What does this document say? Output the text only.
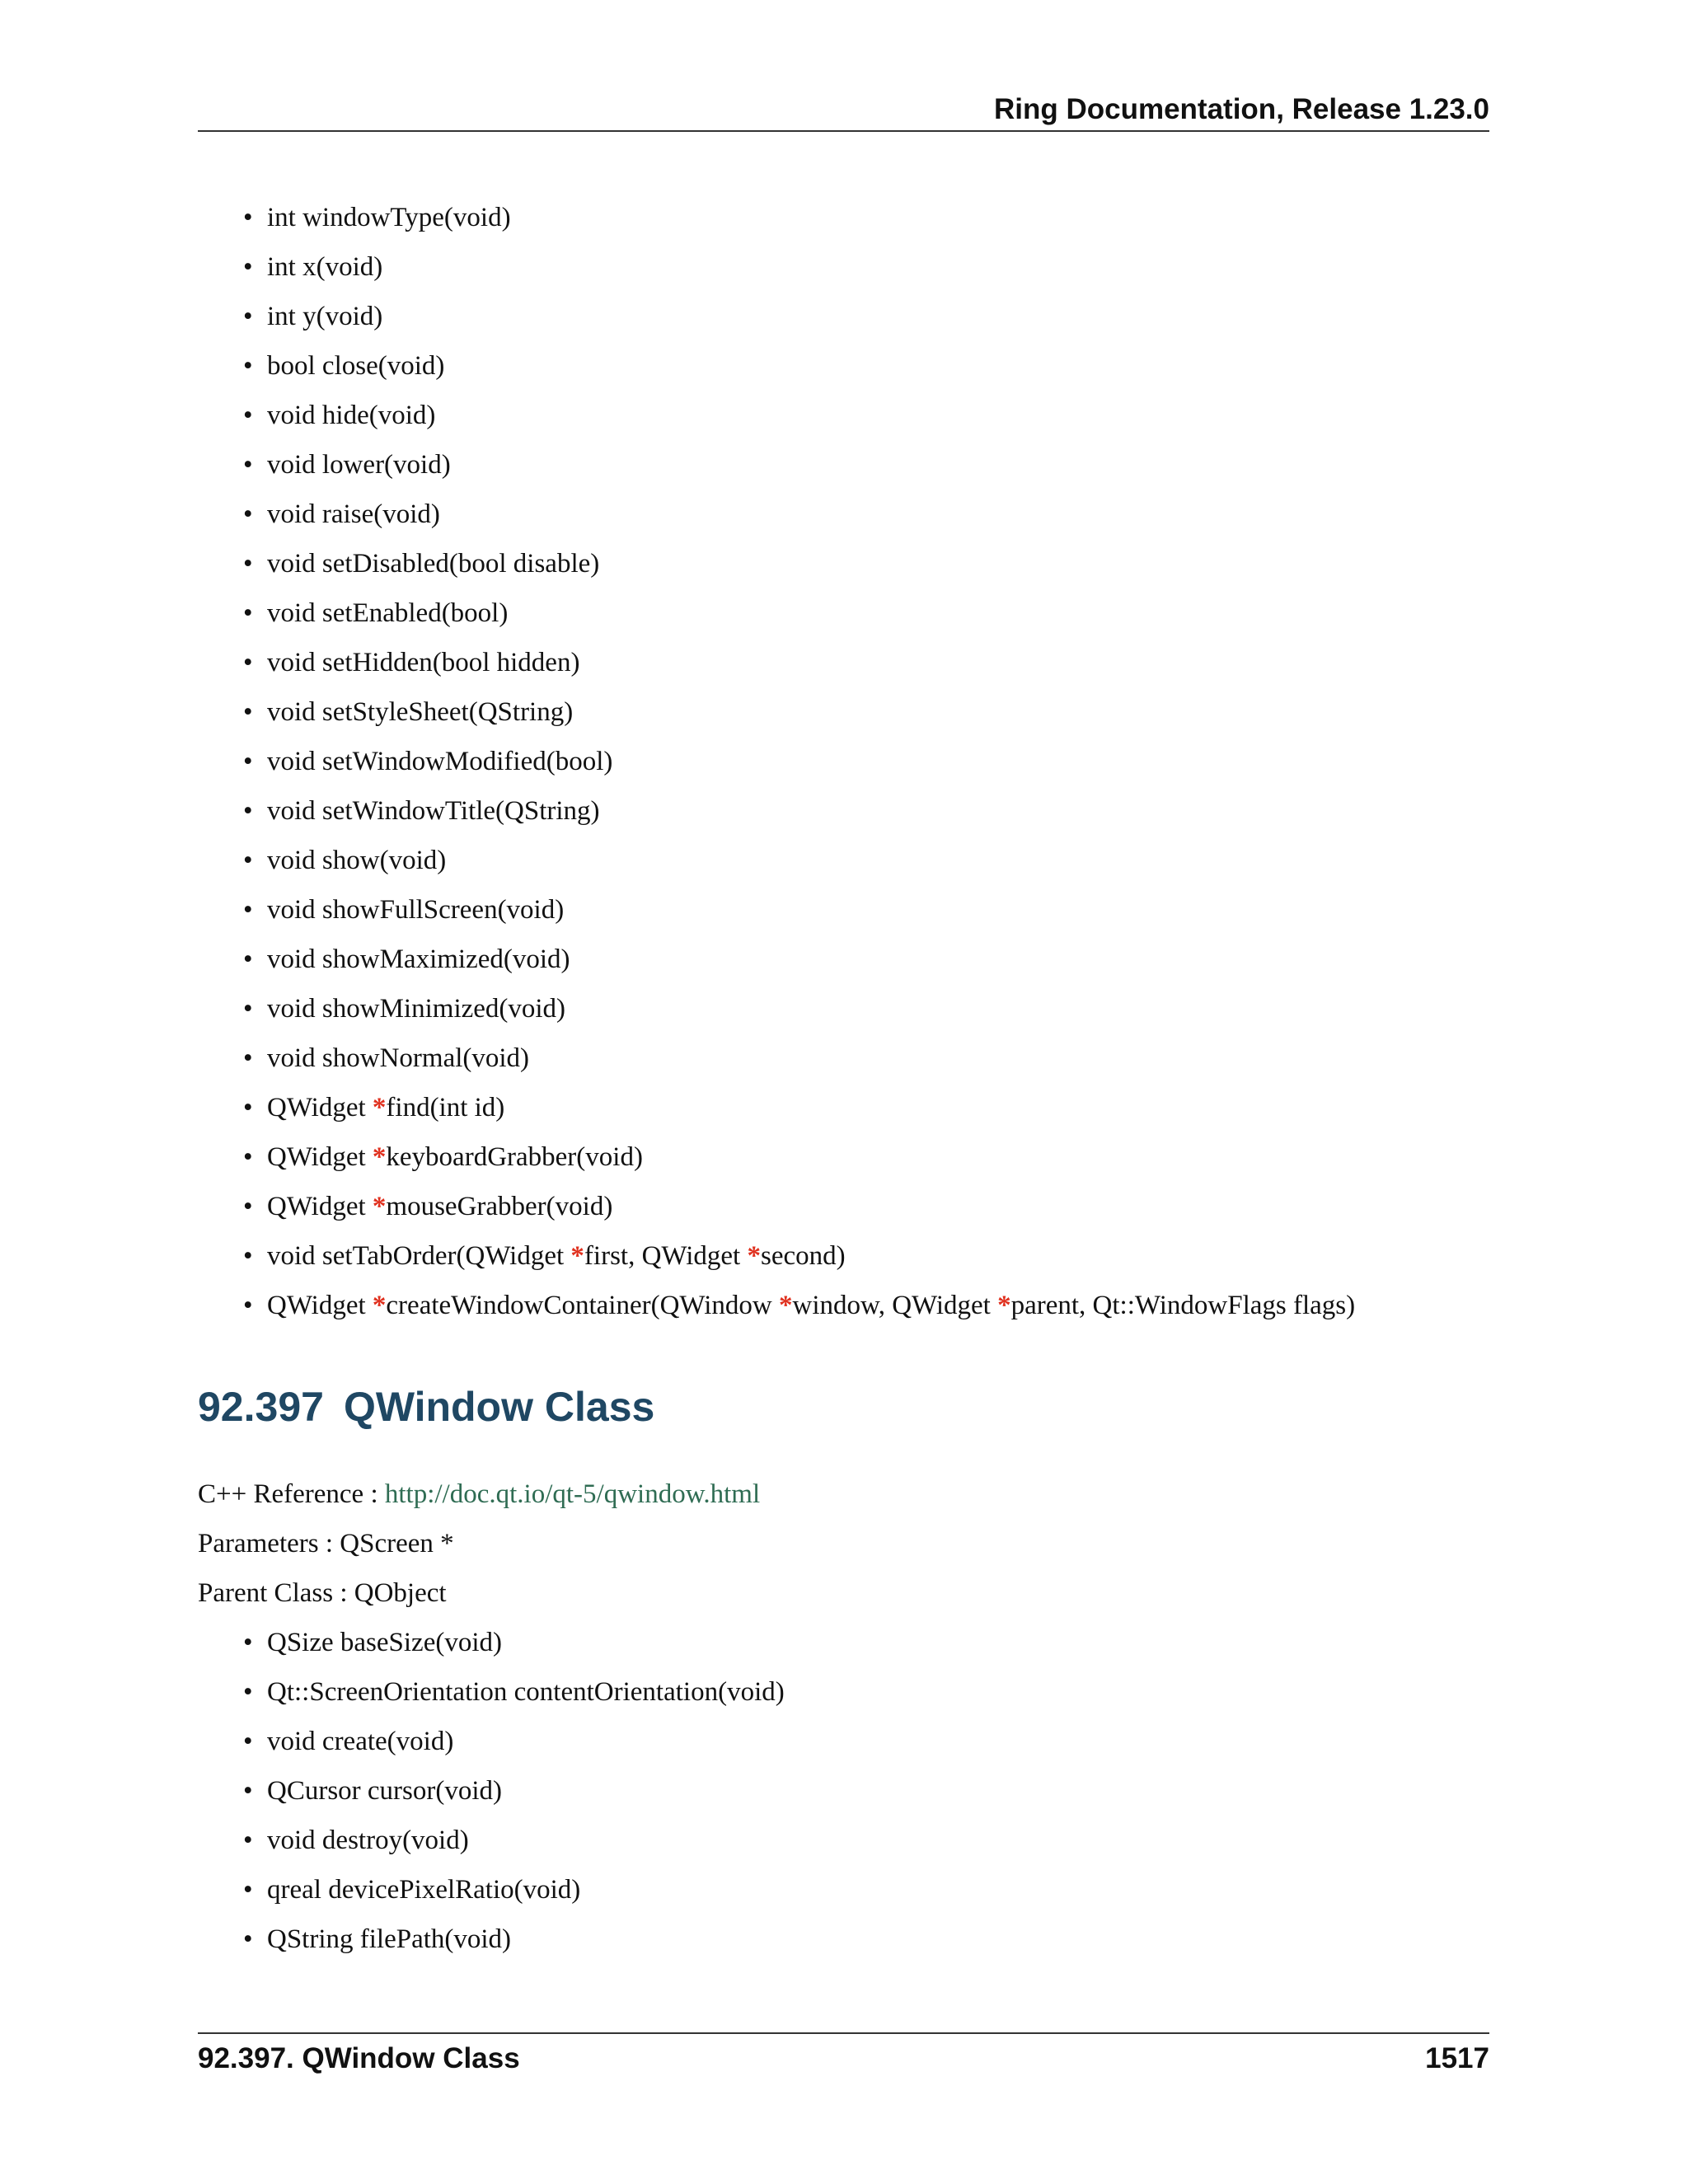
Ring Documentation, Release 1.23.0
• int windowType(void)
• int x(void)
• int y(void)
• bool close(void)
• void hide(void)
• void lower(void)
• void raise(void)
• void setDisabled(bool disable)
• void setEnabled(bool)
• void setHidden(bool hidden)
• void setStyleSheet(QString)
• void setWindowModified(bool)
• void setWindowTitle(QString)
• void show(void)
• void showFullScreen(void)
• void showMaximized(void)
• void showMinimized(void)
• void showNormal(void)
• QWidget *find(int id)
• QWidget *keyboardGrabber(void)
• QWidget *mouseGrabber(void)
• void setTabOrder(QWidget *first, QWidget *second)
• QWidget *createWindowContainer(QWindow *window, QWidget *parent, Qt::WindowFlags flags)
92.397 QWindow Class
C++ Reference : http://doc.qt.io/qt-5/qwindow.html
Parameters : QScreen *
Parent Class : QObject
• QSize baseSize(void)
• Qt::ScreenOrientation contentOrientation(void)
• void create(void)
• QCursor cursor(void)
• void destroy(void)
• qreal devicePixelRatio(void)
• QString filePath(void)
92.397. QWindow Class	1517
